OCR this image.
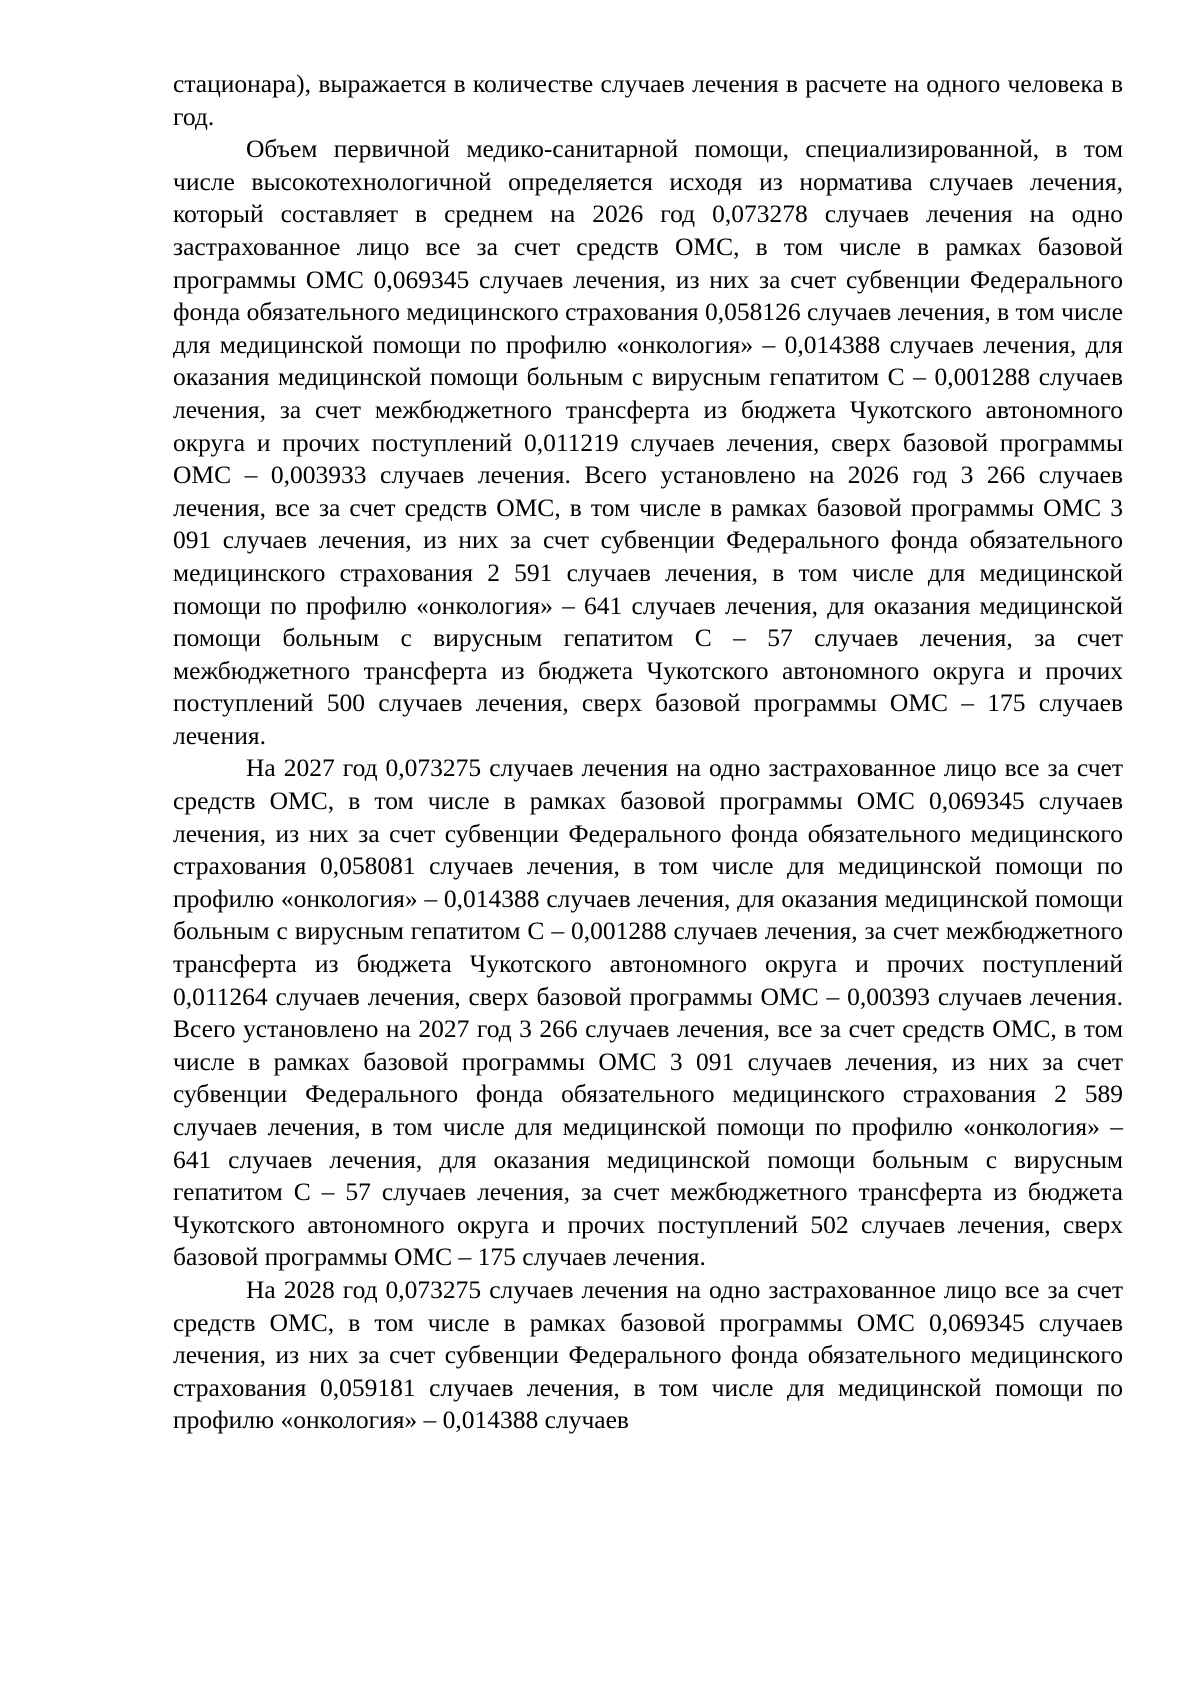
стационара), выражается в количестве случаев лечения в расчете на одного человека в год.

Объем первичной медико-санитарной помощи, специализированной, в том числе высокотехнологичной определяется исходя из норматива случаев лечения, который составляет в среднем на 2026 год 0,073278 случаев лечения на одно застрахованное лицо все за счет средств ОМС, в том числе в рамках базовой программы ОМС 0,069345 случаев лечения, из них за счет субвенции Федерального фонда обязательного медицинского страхования 0,058126 случаев лечения, в том числе для медицинской помощи по профилю «онкология» – 0,014388 случаев лечения, для оказания медицинской помощи больным с вирусным гепатитом С – 0,001288 случаев лечения, за счет межбюджетного трансферта из бюджета Чукотского автономного округа и прочих поступлений 0,011219 случаев лечения, сверх базовой программы ОМС – 0,003933 случаев лечения. Всего установлено на 2026 год 3 266 случаев лечения, все за счет средств ОМС, в том числе в рамках базовой программы ОМС 3 091 случаев лечения, из них за счет субвенции Федерального фонда обязательного медицинского страхования 2 591 случаев лечения, в том числе для медицинской помощи по профилю «онкология» – 641 случаев лечения, для оказания медицинской помощи больным с вирусным гепатитом С – 57 случаев лечения, за счет межбюджетного трансферта из бюджета Чукотского автономного округа и прочих поступлений 500 случаев лечения, сверх базовой программы ОМС – 175 случаев лечения.

На 2027 год 0,073275 случаев лечения на одно застрахованное лицо все за счет средств ОМС, в том числе в рамках базовой программы ОМС 0,069345 случаев лечения, из них за счет субвенции Федерального фонда обязательного медицинского страхования 0,058081 случаев лечения, в том числе для медицинской помощи по профилю «онкология» – 0,014388 случаев лечения, для оказания медицинской помощи больным с вирусным гепатитом С – 0,001288 случаев лечения, за счет межбюджетного трансферта из бюджета Чукотского автономного округа и прочих поступлений 0,011264 случаев лечения, сверх базовой программы ОМС – 0,00393 случаев лечения. Всего установлено на 2027 год 3 266 случаев лечения, все за счет средств ОМС, в том числе в рамках базовой программы ОМС 3 091 случаев лечения, из них за счет субвенции Федерального фонда обязательного медицинского страхования 2 589 случаев лечения, в том числе для медицинской помощи по профилю «онкология» – 641 случаев лечения, для оказания медицинской помощи больным с вирусным гепатитом С – 57 случаев лечения, за счет межбюджетного трансферта из бюджета Чукотского автономного округа и прочих поступлений 502 случаев лечения, сверх базовой программы ОМС – 175 случаев лечения.

На 2028 год 0,073275 случаев лечения на одно застрахованное лицо все за счет средств ОМС, в том числе в рамках базовой программы ОМС 0,069345 случаев лечения, из них за счет субвенции Федерального фонда обязательного медицинского страхования 0,059181 случаев лечения, в том числе для медицинской помощи по профилю «онкология» – 0,014388 случаев
